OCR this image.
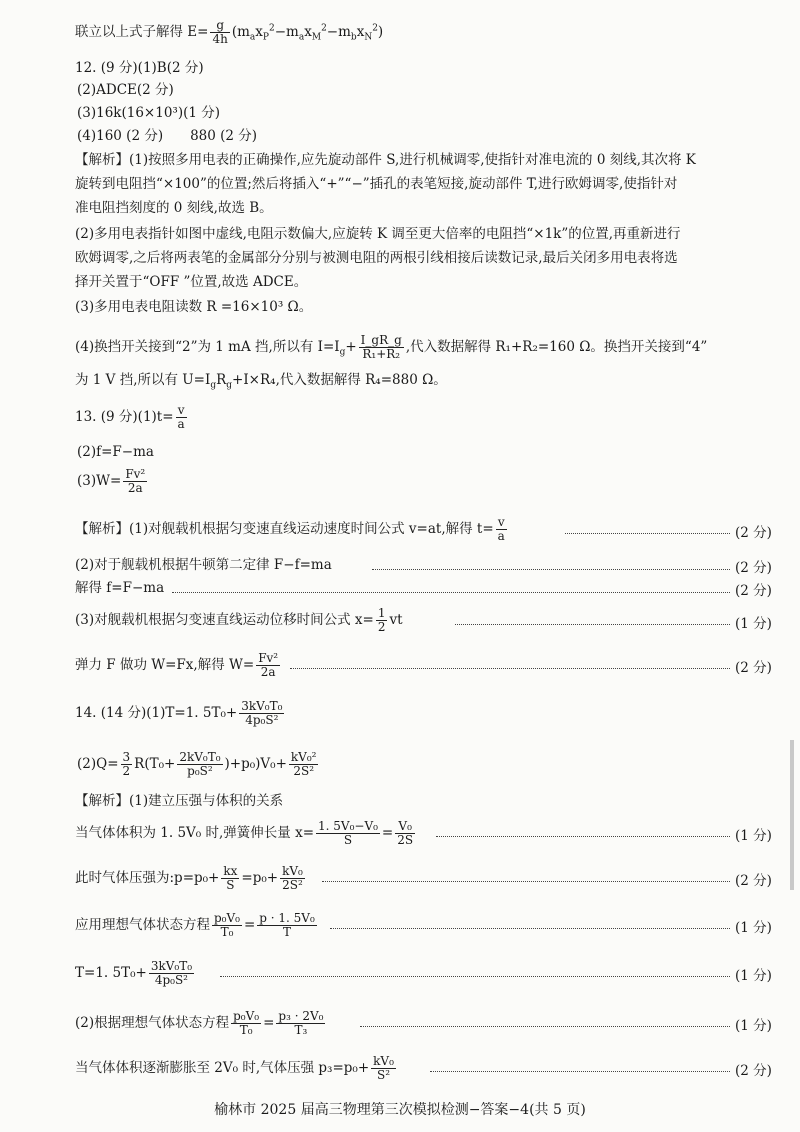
联立以上式子解得 $E= \frac{g}{4h} (m_ax_P^2-m_ax_M^2-m_bx_N^2)$
12. (9 分)(1)B(2 分)
(2)ADCE(2 分)
(3)16k(16×10³)(1 分)
(4)160 (2 分)　　880 (2 分)
【解析】(1)按照多用电表的正确操作,应先旋动部件 S,进行机械调零,使指针对准电流的 0 刻线,其次将 K
旋转到电阻挡“×100”的位置;然后将插入“+”“−”插孔的表笔短接,旋动部件 T,进行欧姆调零,使指针对
准电阻挡刻度的 0 刻线,故选 B。
(2)多用电表指针如图中虚线,电阻示数偏大,应旋转 K 调至更大倍率的电阻挡“×1k”的位置,再重新进行
欧姆调零,之后将两表笔的金属部分分别与被测电阻的两根引线相接后读数记录,最后关闭多用电表将选
择开关置于“OFF ”位置,故选 ADCE。
(3)多用电表电阻读数 R =16×10³ Ω。
(4)换挡开关接到“2”为 1 mA 挡,所以有 $I=I_g+ \frac{I\_gR\_g}{\text{R₁+R₂}}$ ,代入数据解得 R₁+R₂=160 Ω。换挡开关接到“4”
为 1 V 挡,所以有 $U=I_gR_g+I\times R_4$,代入数据解得 R₄=880 Ω。
13. (9 分)$(1)t= \frac{v}{a}$
(2)f=F−ma
$(3)W= \frac{\text{Fv²}}{2a}$
【解析】(1)对舰载机根据匀变速直线运动速度时间公式 v=at,解得 $t= \frac{v}{a}$	(2 分)
(2)对于舰载机根据牛顿第二定律 F−f=ma	(2 分)
解得 f=F−ma	(2 分)
(3)对舰载机根据匀变速直线运动位移时间公式 $x= \frac{1}{2}$ vt	(1 分)
弹力 F 做功 W=Fx,解得 $W= \frac{\text{Fv²}}{2a}$	(2 分)
14. (14 分)(1)T=1. $5T_0+ \frac{\text{3kV₀T₀}}{\text{4p₀S²}}$
$(2)Q= \frac{3}{2} R(T_0+ \frac{\text{2kV₀T₀}}{\text{p₀S²}} )+p_0)V_0+ \frac{\text{kV₀²}}{\text{2S²}}$
【解析】(1)建立压强与体积的关系
当气体体积为 1. 5V₀ 时,弹簧伸长量 $x= \frac{\text{1. 5V₀−V₀}}{S} = \frac{\text{V₀}}{2S}$	(1 分)
此时气体压强为:p=p₀+ $\frac{kx}{S} =p_0+ \frac{\text{kV₀}}{\text{2S²}}$	(2 分)
应用理想气体状态方程 $\frac{\text{p₀V₀}}{\text{T₀}} = \frac{\text{p · 1. 5V₀}}{T}$	(1 分)
T=1. $5T_0+ \frac{\text{3kV₀T₀}}{\text{4p₀S²}}$	(1 分)
(2)根据理想气体状态方程 $\frac{\text{p₀V₀}}{\text{T₀}} = \frac{\text{p₃ · 2V₀}}{\text{T₃}}$	(1 分)
当气体体积逐渐膨胀至 2V₀ 时,气体压强 $p_3=p_0+ \frac{\text{kV₀}}{\text{S²}}$	(2 分)
榆林市 2025 届高三物理第三次模拟检测−答案−4(共 5 页)
